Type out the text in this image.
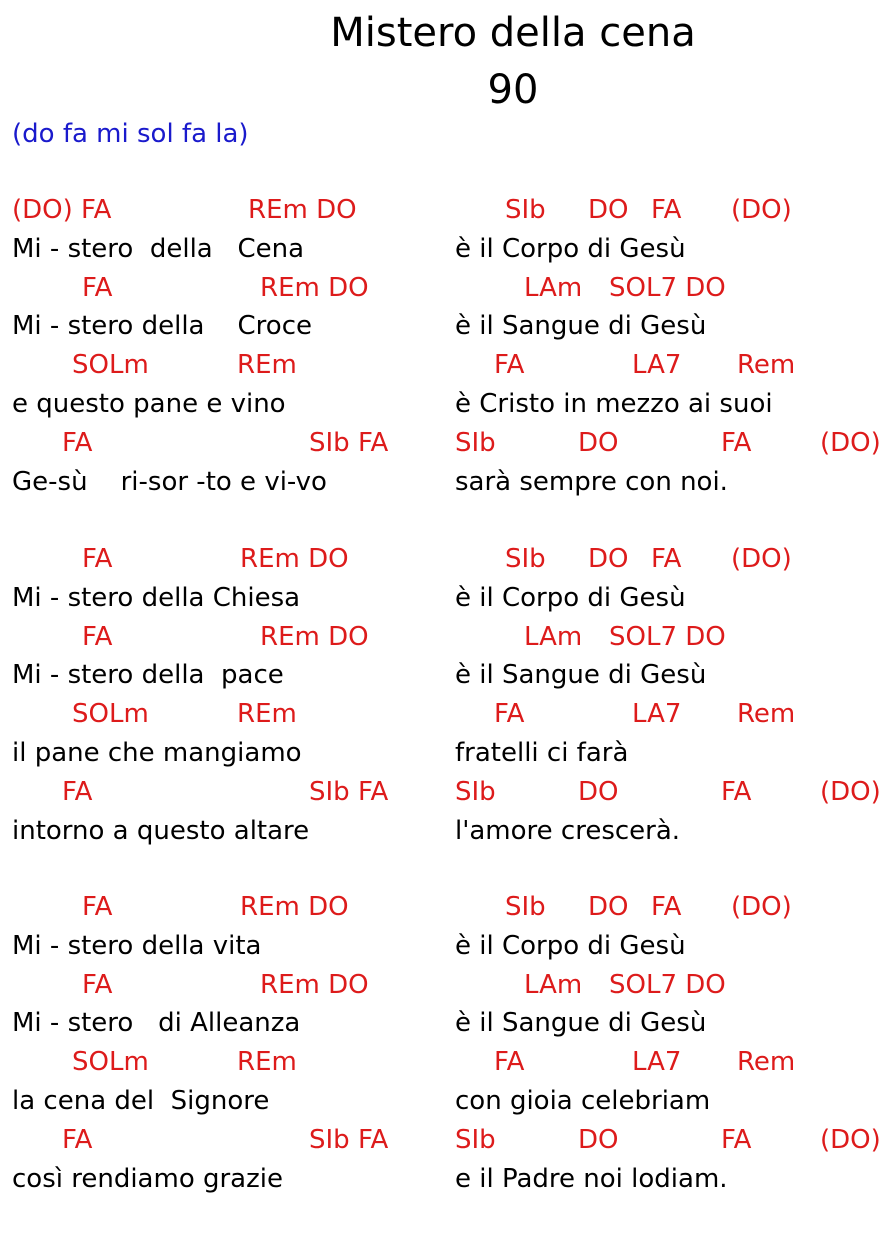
Mistero della cena
90
(do fa mi sol fa la)
(DO) FA	REm DO	SIb DO FA (DO)
Mi - stero  della   Cena	è il Corpo di Gesù
FA	REm DO	LAm SOL7 DO
Mi - stero della    Croce	è il Sangue di Gesù
SOLm	REm	FA	LA7 Rem
e questo pane e vino	è Cristo in mezzo ai suoi
FA	SIb FA	SIb	DO	FA	(DO)
Ge-sù    ri-sor -to e vi-vo	sarà sempre con noi.
FA	REm DO	SIb DO FA (DO)
Mi - stero della Chiesa	è il Corpo di Gesù
FA	REm DO	LAm SOL7 DO
Mi - stero della  pace	è il Sangue di Gesù
SOLm	REm	FA	LA7 Rem
il pane che mangiamo	fratelli ci farà
FA	SIb FA	SIb	DO	FA	(DO)
intorno a questo altare	l'amore crescerà.
FA	REm DO	SIb DO FA (DO)
Mi - stero della vita	è il Corpo di Gesù
FA	REm DO	LAm SOL7 DO
Mi - stero   di Alleanza	è il Sangue di Gesù
SOLm	REm	FA	LA7 Rem
la cena del  Signore	con gioia celebriam
FA	SIb FA	SIb	DO	FA	(DO)
così rendiamo grazie	e il Padre noi lodiam.
